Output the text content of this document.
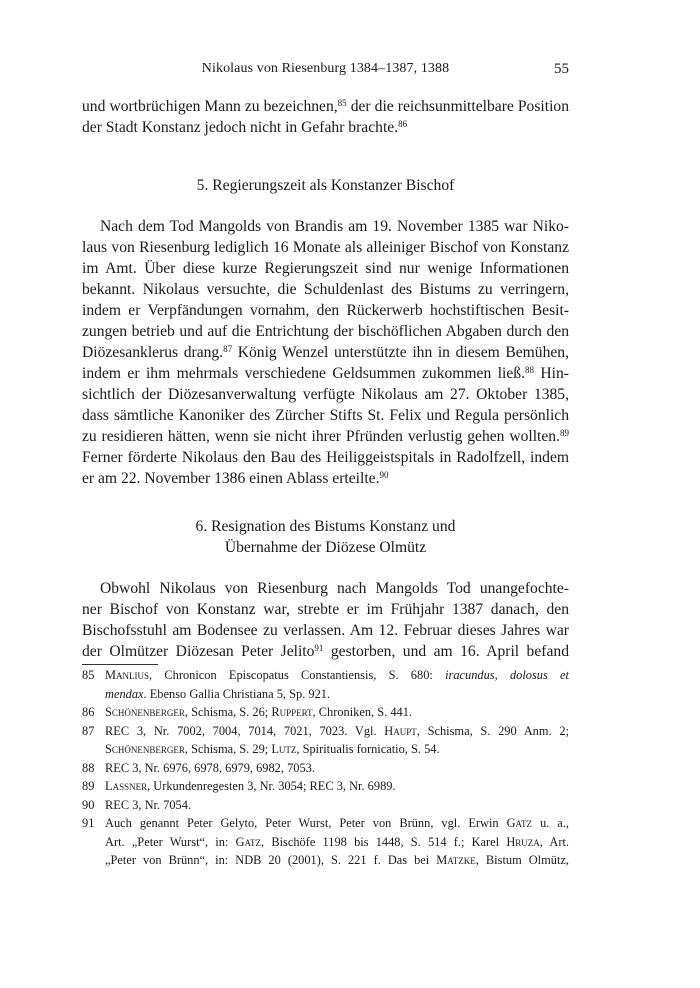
Nikolaus von Riesenburg 1384–1387, 1388	55
und wortbrüchigen Mann zu bezeichnen,$^{85}$ der die reichsunmittelbare Position
der Stadt Konstanz jedoch nicht in Gefahr brachte.$^{86}$
5. Regierungszeit als Konstanzer Bischof
Nach dem Tod Mangolds von Brandis am 19. November 1385 war Niko-
laus von Riesenburg lediglich 16 Monate als alleiniger Bischof von Konstanz
im Amt. Über diese kurze Regierungszeit sind nur wenige Informationen
bekannt. Nikolaus versuchte, die Schuldenlast des Bistums zu verringern,
indem er Verpfändungen vornahm, den Rückerwerb hochstiftischen Besit-
zungen betrieb und auf die Entrichtung der bischöflichen Abgaben durch den
Diözesanklerus drang.$^{87}$ König Wenzel unterstützte ihn in diesem Bemühen,
indem er ihm mehrmals verschiedene Geldsummen zukommen ließ.$^{88}$ Hin-
sichtlich der Diözesanverwaltung verfügte Nikolaus am 27. Oktober 1385,
dass sämtliche Kanoniker des Zürcher Stifts St. Felix und Regula persönlich
zu residieren hätten, wenn sie nicht ihrer Pfründen verlustig gehen wollten.$^{89}$
Ferner förderte Nikolaus den Bau des Heiliggeistspitals in Radolfzell, indem
er am 22. November 1386 einen Ablass erteilte.$^{90}$
6. Resignation des Bistums Konstanz und
Übernahme der Diözese Olmütz
Obwohl Nikolaus von Riesenburg nach Mangolds Tod unangefochte-
ner Bischof von Konstanz war, strebte er im Frühjahr 1387 danach, den
Bischofsstuhl am Bodensee zu verlassen. Am 12. Februar dieses Jahres war
der Olmützer Diözesan Peter Jelito$^{91}$ gestorben, und am 16. April befand
85 Manlius, Chronicon Episcopatus Constantiensis, S. 680: iracundus, dolosus et
mendax. Ebenso Gallia Christiana 5, Sp. 921.
86 Schönenberger, Schisma, S. 26; Ruppert, Chroniken, S. 441.
87 REC 3, Nr. 7002, 7004, 7014, 7021, 7023. Vgl. Haupt, Schisma, S. 290 Anm. 2;
Schönenberger, Schisma, S. 29; Lutz, Spiritualis fornicatio, S. 54.
88 REC 3, Nr. 6976, 6978, 6979, 6982, 7053.
89 Lassner, Urkundenregesten 3, Nr. 3054; REC 3, Nr. 6989.
90 REC 3, Nr. 7054.
91 Auch genannt Peter Gelyto, Peter Wurst, Peter von Brünn, vgl. Erwin Gatz u. a.,
Art. „Peter Wurst“, in: Gatz, Bischöfe 1198 bis 1448, S. 514 f.; Karel Hruza, Art.
„Peter von Brünn“, in: NDB 20 (2001), S. 221 f. Das bei Matzke, Bistum Olmütz,
